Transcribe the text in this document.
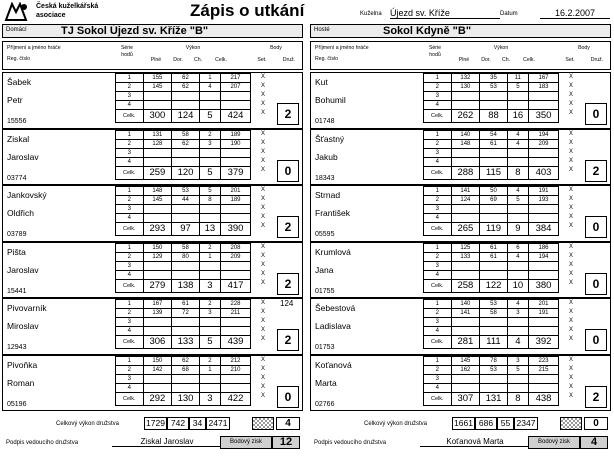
Česká kuželkářská
asociace	Zápis o utkání	Kuželna Újezd sv. Kříže	Datum	16.2.2007
Domácí	TJ Sokol Újezd sv. Kříže "B"	Hosté	Sokol Kdyně "B"
Příjmení a jméno hráče
Reg. číslo
Série hodů
Výkon
Plné	Dor.	Ch.	Celk.
Body
Set.	Druž.
Příjmení a jméno hráče
Reg. číslo
Série hodů
Výkon
Plné	Dor.	Ch.	Celk.
Body
Set.	Druž.
Šabek
Petr
15556
1	155	62	1	217
2	145	62	4	207
3				
4				
Celk.	300	124	5	424
X
X
X
X
X	2
Ziskal
Jaroslav
03774
1	131	58	2	189
2	128	62	3	190
3				
4				
Celk.	259	120	5	379
X
X
X
X
X	0
Jankovský
Oldřich
03789
1	148	53	5	201
2	145	44	8	189
3				
4				
Celk.	293	97	13	390
X
X
X
X
X	2
Pišta
Jaroslav
15441
1	150	58	2	208
2	129	80	1	209
3				
4				
Celk.	279	138	3	417
X
X
X
X
X	2
Pivovarník
Miroslav
12943
1	167	61	2	228
2	139	72	3	211
3				
4				
Celk.	306	133	5	439
X
X
X
X
X	2
124
Pivoňka
Roman
05196
1	150	62	2	212
2	142	68	1	210
3				
4				
Celk.	292	130	3	422
X
X
X
X
X	0
Kut
Bohumil
01748
1	132	35	11	167
2	130	53	5	183
3				
4				
Celk.	262	88	16	350
X
X
X
X
X	0
Šťastný
Jakub
18343
1	140	54	4	194
2	148	61	4	209
3				
4				
Celk.	288	115	8	403
X
X
X
X
X	2
Strnad
František
05595
1	141	50	4	191
2	124	69	5	193
3				
4				
Celk.	265	119	9	384
X
X
X
X
X	0
Krumlová
Jana
01755
1	125	61	6	186
2	133	61	4	194
3				
4				
Celk.	258	122	10	380
X
X
X
X
X	0
Šebestová
Ladislava
01753
1	140	53	4	201
2	141	58	3	191
3				
4				
Celk.	281	111	4	392
X
X
X
X
X	0
Koťanová
Marta
02766
1	145	78	3	223
2	162	53	5	215
3				
4				
Celk.	307	131	8	438
X
X
X
X
X	2
Celkový výkon družstva	1729 742 34 2471	4
Podpis vedoucího družstva	Ziskal Jaroslav	Bodový zisk	12
Celkový výkon družstva	1661 686 55 2347	0
Podpis vedoucího družstva	Koťanová Marta	Bodový zisk	4
